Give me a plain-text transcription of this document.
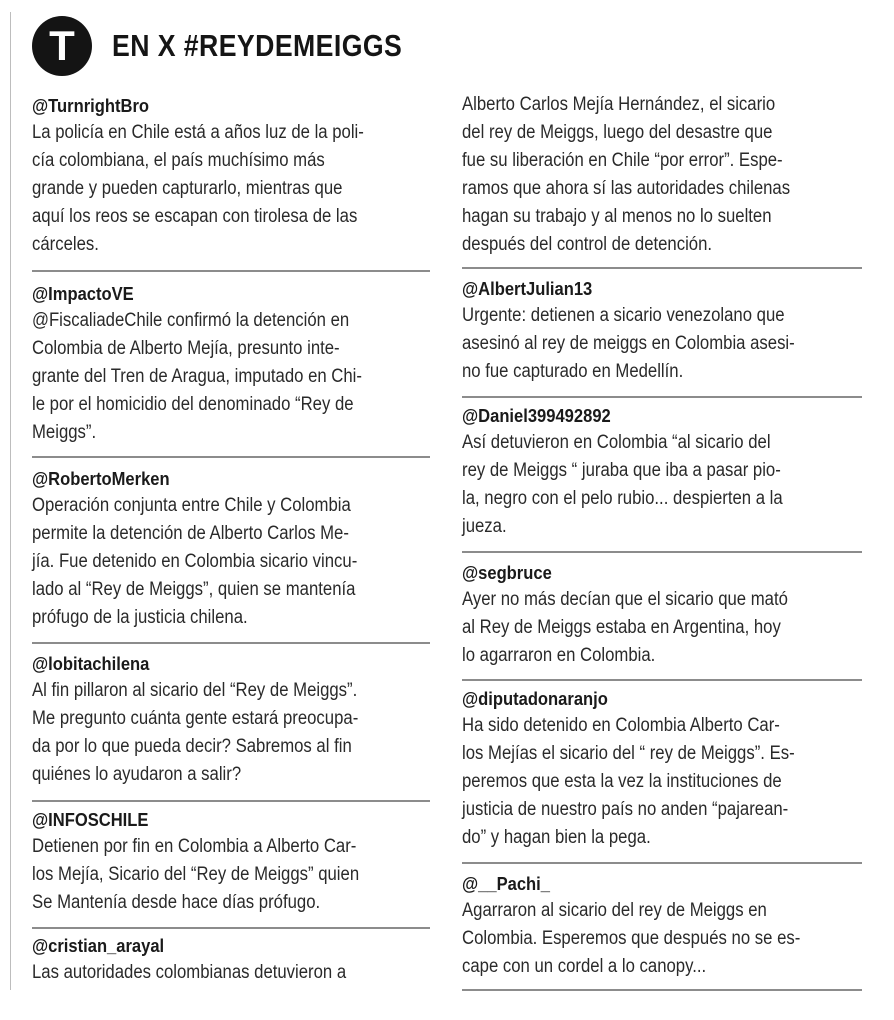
T	EN X #REYDEMEIGGS
@TurnrightBro
La policía en Chile está a años luz de la poli-
cía colombiana, el país muchísimo más
grande y pueden capturarlo, mientras que
aquí los reos se escapan con tirolesa de las
cárceles.
@ImpactoVE
@FiscaliadeChile confirmó la detención en
Colombia de Alberto Mejía, presunto inte-
grante del Tren de Aragua, imputado en Chi-
le por el homicidio del denominado “Rey de
Meiggs”.
@RobertoMerken
Operación conjunta entre Chile y Colombia
permite la detención de Alberto Carlos Me-
jía. Fue detenido en Colombia sicario vincu-
lado al “Rey de Meiggs”, quien se mantenía
prófugo de la justicia chilena.
@lobitachilena
Al fin pillaron al sicario del “Rey de Meiggs”.
Me pregunto cuánta gente estará preocupa-
da por lo que pueda decir? Sabremos al fin
quiénes lo ayudaron a salir?
@INFOSCHILE
Detienen por fin en Colombia a Alberto Car-
los Mejía, Sicario del “Rey de Meiggs” quien
Se Mantenía desde hace días prófugo.
@cristian_arayal
Las autoridades colombianas detuvieron a
Alberto Carlos Mejía Hernández, el sicario
del rey de Meiggs, luego del desastre que
fue su liberación en Chile “por error”. Espe-
ramos que ahora sí las autoridades chilenas
hagan su trabajo y al menos no lo suelten
después del control de detención.
@AlbertJulian13
Urgente: detienen a sicario venezolano que
asesinó al rey de meiggs en Colombia asesi-
no fue capturado en Medellín.
@Daniel399492892
Así detuvieron en Colombia “al sicario del
rey de Meiggs “ juraba que iba a pasar pio-
la, negro con el pelo rubio... despierten a la
jueza.
@segbruce
Ayer no más decían que el sicario que mató
al Rey de Meiggs estaba en Argentina, hoy
lo agarraron en Colombia.
@diputadonaranjo
Ha sido detenido en Colombia Alberto Car-
los Mejías el sicario del “ rey de Meiggs”. Es-
peremos que esta la vez la instituciones de
justicia de nuestro país no anden “pajarean-
do” y hagan bien la pega.
@__Pachi_
Agarraron al sicario del rey de Meiggs en
Colombia. Esperemos que después no se es-
cape con un cordel a lo canopy...
